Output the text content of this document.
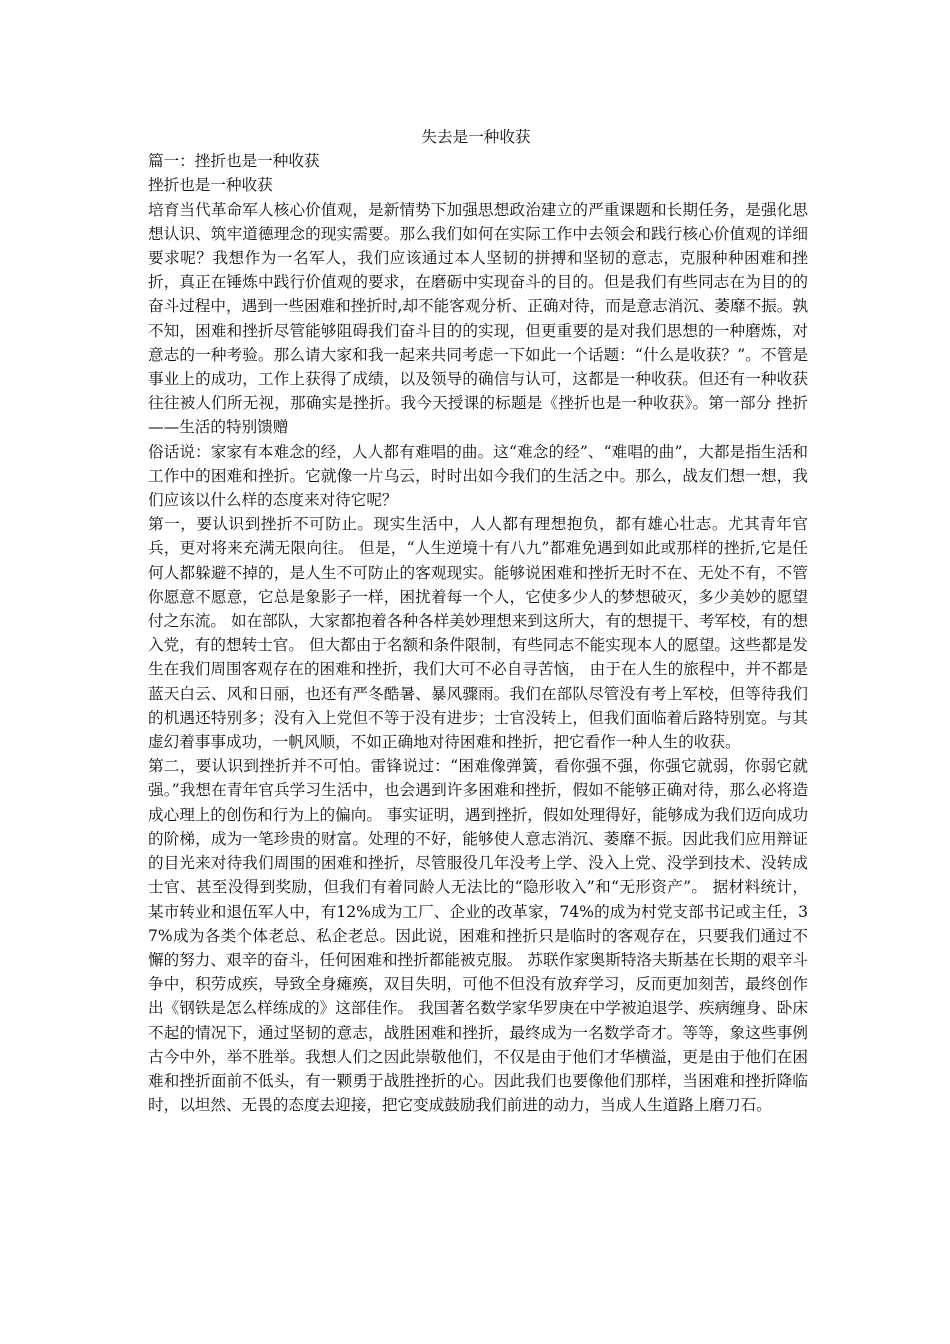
失去是一种收获

篇一：挫折也是一种收获

挫折也是一种收获

培育当代革命军人核心价值观，是新情势下加强思想政治建立的严重课题和长期任务，是强化思想认识、筑牢道德理念的现实需要。那么我们如何在实际工作中去领会和践行核心价值观的详细要求呢？我想作为一名军人，我们应该通过本人坚韧的拼搏和坚韧的意志，克服种种困难和挫折，真正在锤炼中践行价值观的要求，在磨砺中实现奋斗的目的。但是我们有些同志在为目的的奋斗过程中，遇到一些困难和挫折时,却不能客观分析、正确对待，而是意志消沉、萎靡不振。孰不知，困难和挫折尽管能够阻碍我们奋斗目的的实现，但更重要的是对我们思想的一种磨炼，对意志的一种考验。那么请大家和我一起来共同考虑一下如此一个话题：“什么是收获？”。不管是事业上的成功，工作上获得了成绩，以及领导的确信与认可，这都是一种收获。但还有一种收获往往被人们所无视，那确实是挫折。我今天授课的标题是《挫折也是一种收获》。第一部分 挫折——生活的特别馈赠

俗话说：家家有本难念的经，人人都有难唱的曲。这“难念的经”、“难唱的曲”，大都是指生活和工作中的困难和挫折。它就像一片乌云，时时出如今我们的生活之中。那么，战友们想一想，我们应该以什么样的态度来对待它呢？

第一，要认识到挫折不可防止。现实生活中，人人都有理想抱负，都有雄心壮志。尤其青年官兵，更对将来充满无限向往。 但是，“人生逆境十有八九”都难免遇到如此或那样的挫折,它是任何人都躲避不掉的，是人生不可防止的客观现实。能够说困难和挫折无时不在、无处不有，不管你愿意不愿意，它总是象影子一样，困扰着每一个人，它使多少人的梦想破灭，多少美妙的愿望付之东流。 如在部队，大家都抱着各种各样美妙理想来到这所大，有的想提干、考军校，有的想入党，有的想转士官。 但大都由于名额和条件限制，有些同志不能实现本人的愿望。这些都是发生在我们周围客观存在的困难和挫折，我们大可不必自寻苦恼， 由于在人生的旅程中，并不都是蓝天白云、风和日丽，也还有严冬酷暑、暴风骤雨。我们在部队尽管没有考上军校，但等待我们的机遇还特别多；没有入上党但不等于没有进步；士官没转上，但我们面临着后路特别宽。与其虚幻着事事成功，一帆风顺，不如正确地对待困难和挫折，把它看作一种人生的收获。

第二，要认识到挫折并不可怕。雷锋说过：“困难像弹簧，看你强不强，你强它就弱，你弱它就强。”我想在青年官兵学习生活中，也会遇到许多困难和挫折，假如不能够正确对待，那么必将造成心理上的创伤和行为上的偏向。 事实证明，遇到挫折，假如处理得好，能够成为我们迈向成功的阶梯，成为一笔珍贵的财富。处理的不好，能够使人意志消沉、萎靡不振。因此我们应用辩证的目光来对待我们周围的困难和挫折，尽管服役几年没考上学、没入上党、没学到技术、没转成士官、甚至没得到奖励，但我们有着同龄人无法比的“隐形收入”和“无形资产”。 据材料统计，某市转业和退伍军人中，有12%成为工厂、企业的改革家，74%的成为村党支部书记或主任，37%成为各类个体老总、私企老总。因此说，困难和挫折只是临时的客观存在，只要我们通过不懈的努力、艰辛的奋斗，任何困难和挫折都能被克服。 苏联作家奥斯特洛夫斯基在长期的艰辛斗争中，积劳成疾，导致全身瘫痪，双目失明，可他不但没有放弃学习，反而更加刻苦，最终创作出《钢铁是怎么样练成的》这部佳作。 我国著名数学家华罗庚在中学被迫退学、疾病缠身、卧床不起的情况下，通过坚韧的意志，战胜困难和挫折，最终成为一名数学奇才。等等，象这些事例古今中外，举不胜举。我想人们之因此崇敬他们，不仅是由于他们才华横溢，更是由于他们在困难和挫折面前不低头，有一颗勇于战胜挫折的心。因此我们也要像他们那样，当困难和挫折降临时，以坦然、无畏的态度去迎接，把它变成鼓励我们前进的动力，当成人生道路上磨刀石。
